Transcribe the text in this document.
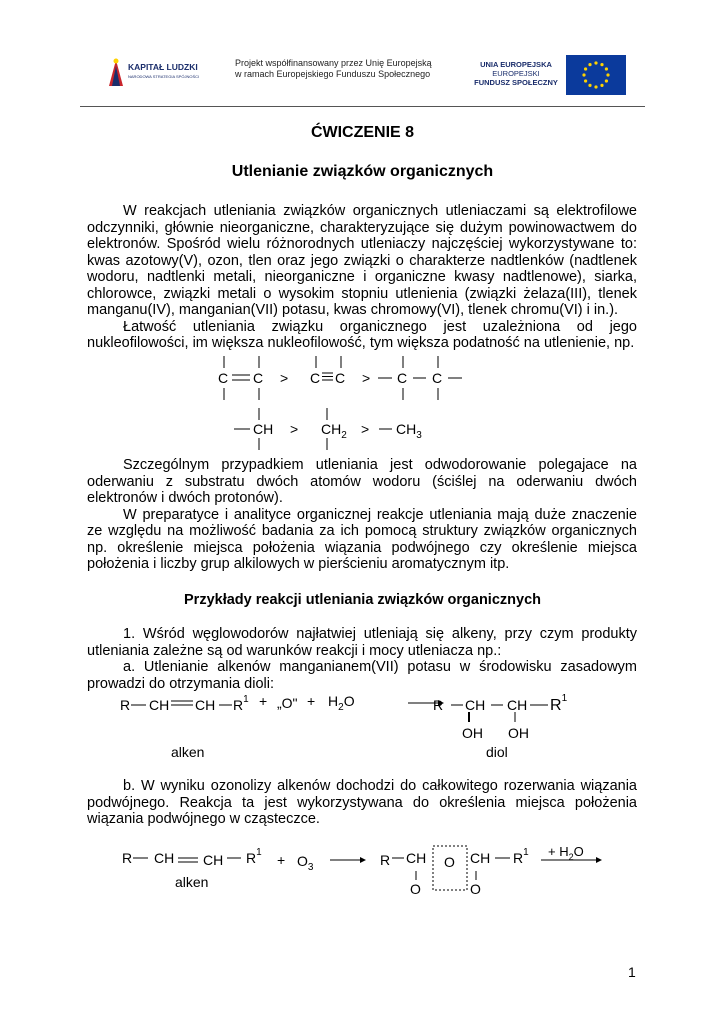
KAPITAŁ LUDZKI
NARODOWA STRATEGIA SPÓJNOŚCI
Projekt współfinansowany przez Unię Europejską
w ramach Europejskiego Funduszu Społecznego
UNIA EUROPEJSKA
EUROPEJSKI
FUNDUSZ SPOŁECZNY
ĆWICZENIE 8
Utlenianie związków organicznych

W reakcjach utleniania związków organicznych utleniaczami są elektrofilowe odczynniki, głównie nieorganiczne, charakteryzujące się dużym powinowactwem do elektronów. Spośród wielu różnorodnych utleniaczy najczęściej wykorzystywane to: kwas azotowy(V), ozon, tlen oraz jego związki o charakterze nadtlenków (nadtlenek wodoru, nadtlenki metali, nieorganiczne i organiczne kwasy nadtlenowe), siarka, chlorowce, związki metali o wysokim stopniu utlenienia (związki żelaza(III), tlenek manganu(IV), manganian(VII) potasu, kwas chromowy(VI), tlenek chromu(VI) i in.).

Łatwość utleniania związku organicznego jest uzależniona od jego nukleofilowości, im większa nukleofilowość, tym większa podatność na utlenienie, np.

C C > C C > C C
CH > $CH_2 > CH_3$

Szczególnym przypadkiem utleniania jest odwodorowanie polegajace na oderwaniu z substratu dwóch atomów wodoru (ściślej na oderwaniu dwóch elektronów i dwóch protonów).

W preparatyce i analityce organicznej reakcje utleniania mają duże znaczenie ze względu na możliwość badania za ich pomocą struktury związków organicznych np. określenie miejsca położenia wiązania podwójnego czy określenie miejsca położenia i liczby grup alkilowych w pierścieniu aromatycznym itp.

Przykłady reakcji utleniania związków organicznych

1. Wśród węglowodorów najłatwiej utleniają się alkeny, przy czym produkty utleniania zależne są od warunków reakcji i mocy utleniacza np.:

a. Utlenianie alkenów manganianem(VII) potasu w środowisku zasadowym prowadzi do otrzymania dioli:

R CH CH $R^1$ + „O" + $H_2O$	R CH CH $R^1$
OH OH
alken	diol

b. W wyniku ozonolizy alkenów dochodzi do całkowitego rozerwania wiązania podwójnego. Reakcja ta jest wykorzystywana do określenia miejsca położenia wiązania podwójnego w cząsteczce.

R CH CH $R^1 + O_3$	R CH O CH $R^1$
O	O
+ $H_2O$
alken
1
